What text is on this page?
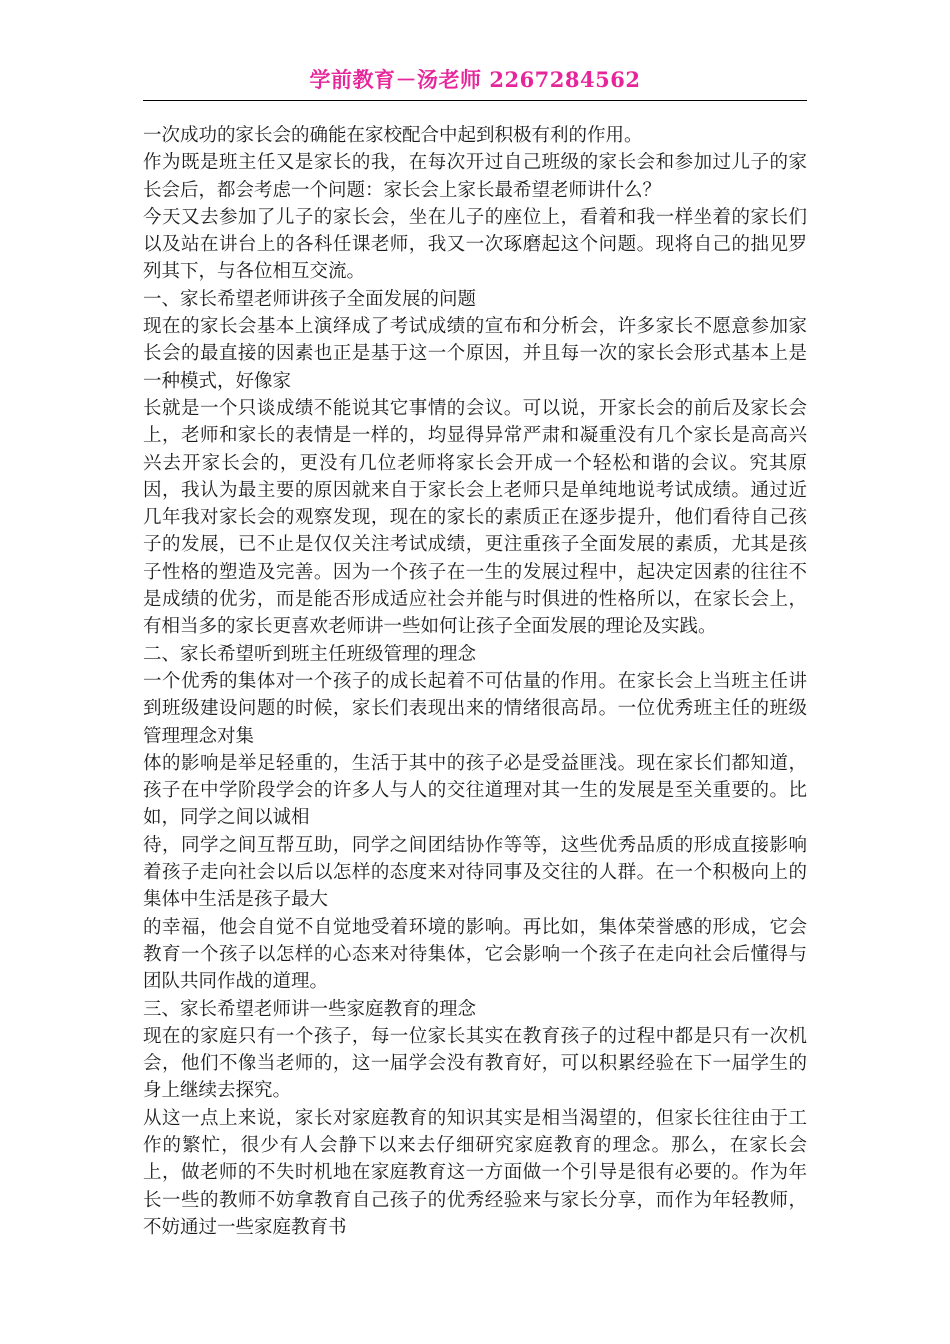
学前教育－汤老师 2267284562

一次成功的家长会的确能在家校配合中起到积极有利的作用。

作为既是班主任又是家长的我，在每次开过自己班级的家长会和参加过儿子的家长会后，都会考虑一个问题：家长会上家长最希望老师讲什么？

今天又去参加了儿子的家长会，坐在儿子的座位上，看着和我一样坐着的家长们以及站在讲台上的各科任课老师，我又一次琢磨起这个问题。现将自己的拙见罗列其下，与各位相互交流。

一、家长希望老师讲孩子全面发展的问题

现在的家长会基本上演绎成了考试成绩的宣布和分析会，许多家长不愿意参加家长会的最直接的因素也正是基于这一个原因，并且每一次的家长会形式基本上是一种模式，好像家

长就是一个只谈成绩不能说其它事情的会议。可以说，开家长会的前后及家长会上，老师和家长的表情是一样的，均显得异常严肃和凝重没有几个家长是高高兴兴去开家长会的，更没有几位老师将家长会开成一个轻松和谐的会议。究其原因，我认为最主要的原因就来自于家长会上老师只是单纯地说考试成绩。通过近几年我对家长会的观察发现，现在的家长的素质正在逐步提升，他们看待自己孩子的发展，已不止是仅仅关注考试成绩，更注重孩子全面发展的素质，尤其是孩子性格的塑造及完善。因为一个孩子在一生的发展过程中，起决定因素的往往不是成绩的优劣，而是能否形成适应社会并能与时俱进的性格所以，在家长会上，有相当多的家长更喜欢老师讲一些如何让孩子全面发展的理论及实践。

二、家长希望听到班主任班级管理的理念

一个优秀的集体对一个孩子的成长起着不可估量的作用。在家长会上当班主任讲到班级建设问题的时候，家长们表现出来的情绪很高昂。一位优秀班主任的班级管理理念对集

体的影响是举足轻重的，生活于其中的孩子必是受益匪浅。现在家长们都知道，孩子在中学阶段学会的许多人与人的交往道理对其一生的发展是至关重要的。比如，同学之间以诚相

待，同学之间互帮互助，同学之间团结协作等等，这些优秀品质的形成直接影响着孩子走向社会以后以怎样的态度来对待同事及交往的人群。在一个积极向上的集体中生活是孩子最大

的幸福，他会自觉不自觉地受着环境的影响。再比如，集体荣誉感的形成，它会教育一个孩子以怎样的心态来对待集体，它会影响一个孩子在走向社会后懂得与团队共同作战的道理。

三、家长希望老师讲一些家庭教育的理念

现在的家庭只有一个孩子，每一位家长其实在教育孩子的过程中都是只有一次机会，他们不像当老师的，这一届学会没有教育好，可以积累经验在下一届学生的身上继续去探究。

从这一点上来说，家长对家庭教育的知识其实是相当渴望的，但家长往往由于工作的繁忙，很少有人会静下以来去仔细研究家庭教育的理念。那么，在家长会上，做老师的不失时机地在家庭教育这一方面做一个引导是很有必要的。作为年长一些的教师不妨拿教育自己孩子的优秀经验来与家长分享，而作为年轻教师，不妨通过一些家庭教育书
